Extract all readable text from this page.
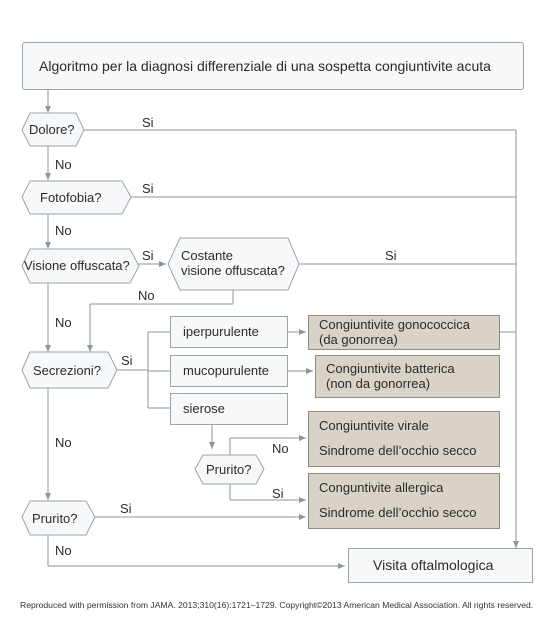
Algoritmo per la diagnosi differenziale di una sospetta congiuntivite acuta
Dolore?
Fotofobia?
Visione offuscata?
Costante
visione offuscata?
Secrezioni?
Prurito?
Prurito?
Si
No
Si
No
Si	Si
No
No
Si
No	No
Si
Si
No
iperpurulente
mucopurulente
sierose
Congiuntivite gonococcica
(da gonorrea)
Congiuntivite batterica
(non da gonorrea)
Congiuntivite virale
Sindrome dell’occhio secco
Conguntivite allergica
Sindrome dell’occhio secco
Visita oftalmologica
Reproduced with permission from JAMA. 2013;310(16):1721–1729. Copyright©2013 American Medical Association. All rights reserved.
